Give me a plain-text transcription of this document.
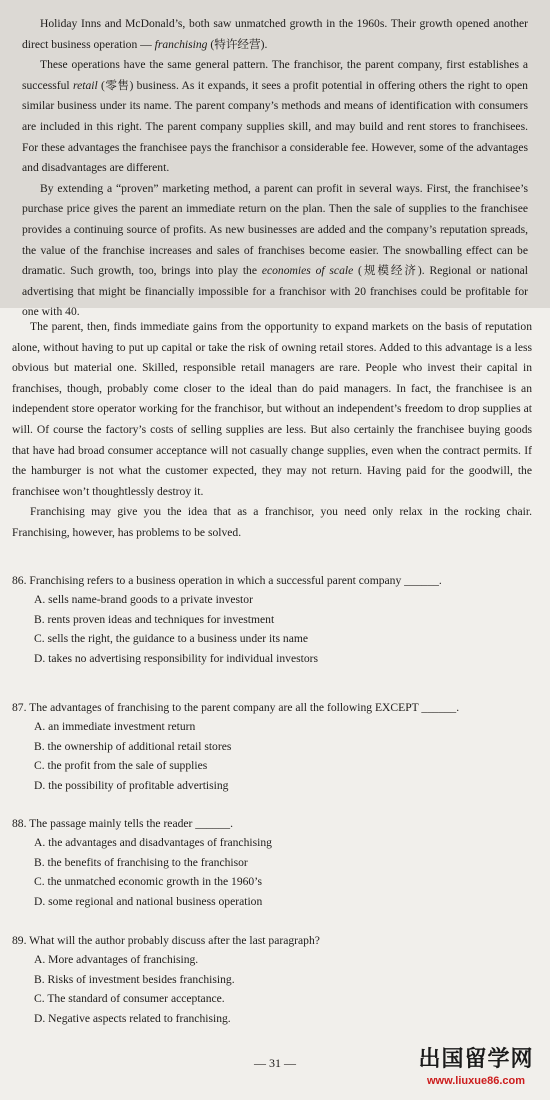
Holiday Inns and McDonald’s, both saw unmatched growth in the 1960s. Their growth opened another direct business operation — franchising (特许经营).

These operations have the same general pattern. The franchisor, the parent company, first establishes a successful retail (零售) business. As it expands, it sees a profit potential in offering others the right to open similar business under its name. The parent company’s methods and means of identification with consumers are included in this right. The parent company supplies skill, and may build and rent stores to franchisees. For these advantages the franchisee pays the franchisor a considerable fee. However, some of the advantages and disadvantages are different.

By extending a “proven” marketing method, a parent can profit in several ways. First, the franchisee’s purchase price gives the parent an immediate return on the plan. Then the sale of supplies to the franchisee provides a continuing source of profits. As new businesses are added and the company’s reputation spreads, the value of the franchise increases and sales of franchises become easier. The snowballing effect can be dramatic. Such growth, too, brings into play the economies of scale (规模经济). Regional or national advertising that might be financially impossible for a franchisor with 20 franchises could be profitable for one with 40.

The parent, then, finds immediate gains from the opportunity to expand markets on the basis of reputation alone, without having to put up capital or take the risk of owning retail stores. Added to this advantage is a less obvious but material one. Skilled, responsible retail managers are rare. People who invest their capital in franchises, though, probably come closer to the ideal than do paid managers. In fact, the franchisee is an independent store operator working for the franchisor, but without an independent’s freedom to drop supplies at will. Of course the factory’s costs of selling supplies are less. But also certainly the franchisee buying goods that have had broad consumer acceptance will not casually change supplies, even when the contract permits. If the hamburger is not what the customer expected, they may not return. Having paid for the goodwill, the franchisee won’t thoughtlessly destroy it.

Franchising may give you the idea that as a franchisor, you need only relax in the rocking chair. Franchising, however, has problems to be solved.

86. Franchising refers to a business operation in which a successful parent company ______.

A. sells name-brand goods to a private investor

B. rents proven ideas and techniques for investment

C. sells the right, the guidance to a business under its name

D. takes no advertising responsibility for individual investors

87. The advantages of franchising to the parent company are all the following EXCEPT ______.

A. an immediate investment return

B. the ownership of additional retail stores

C. the profit from the sale of supplies

D. the possibility of profitable advertising

88. The passage mainly tells the reader ______.

A. the advantages and disadvantages of franchising

B. the benefits of franchising to the franchisor

C. the unmatched economic growth in the 1960’s

D. some regional and national business operation

89. What will the author probably discuss after the last paragraph?

A. More advantages of franchising.

B. Risks of investment besides franchising.

C. The standard of consumer acceptance.

D. Negative aspects related to franchising.

— 31 —	出国留学网
www.liuxue86.com
